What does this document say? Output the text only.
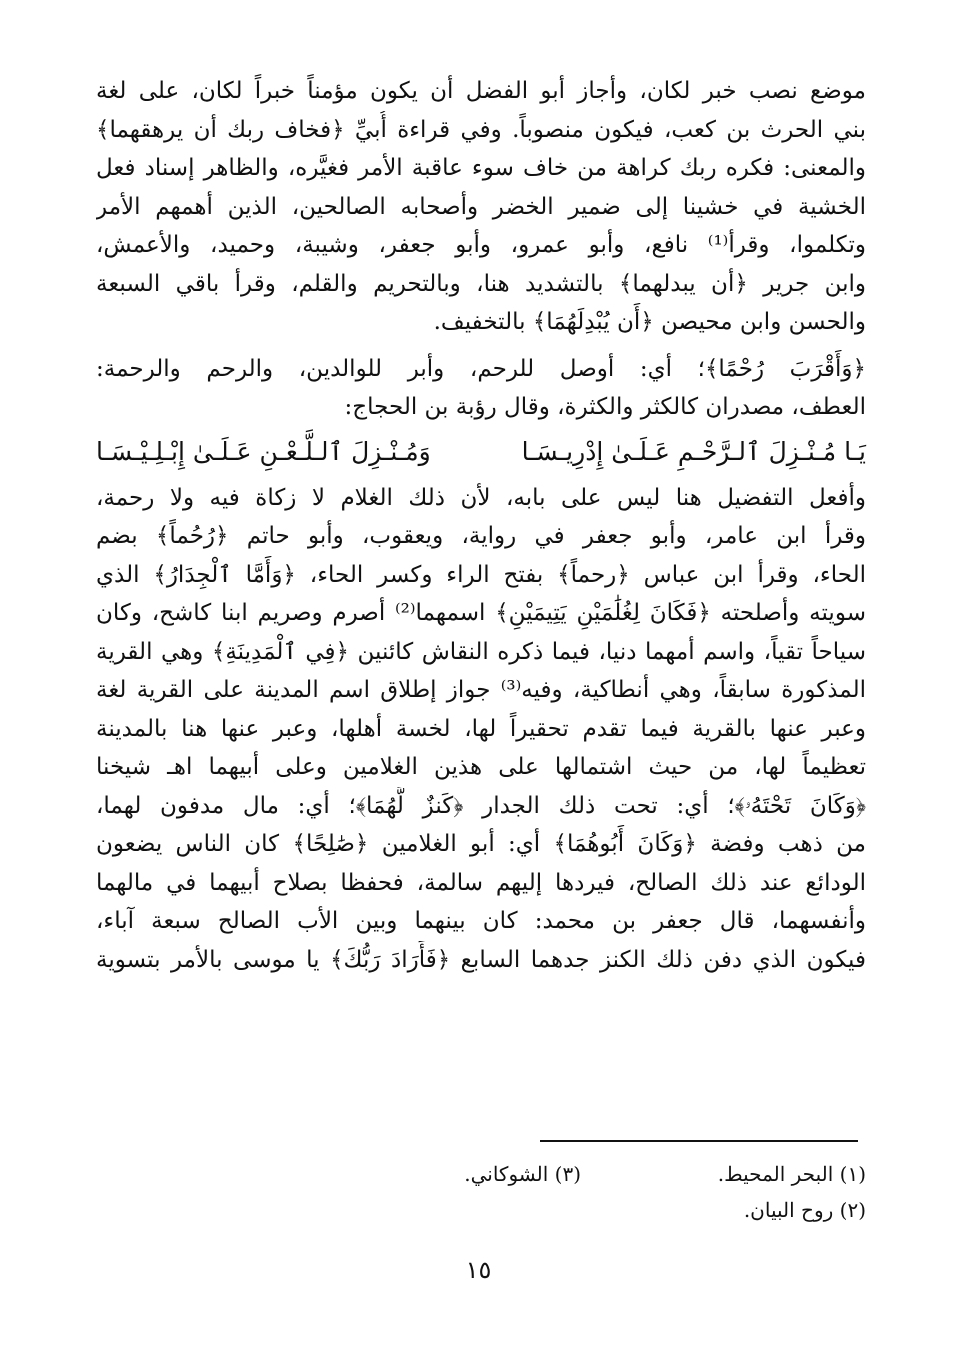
موضع نصب خبر لكان، وأجاز أبو الفضل أن يكون مؤمناً خبراً لكان، على لغة
بني الحرث بن كعب، فيكون منصوباً. وفي قراءة أُبيِّ ﴿فخاف ربك أن يرهقهما﴾
والمعنى: فكره ربك كراهة من خاف سوء عاقبة الأمر فغيَّره، والظاهر إسناد فعل
الخشية في خشينا إلى ضمير الخضر وأصحابه الصالحين، الذين أهمهم الأمر
وتكلموا، وقرأ⁽¹⁾ نافع، وأبو عمرو، وأبو جعفر، وشيبة، وحميد، والأعمش،
وابن جرير ﴿أن يبدلهما﴾ بالتشديد هنا، وبالتحريم والقلم، وقرأ باقي السبعة
والحسن وابن محيصن ﴿أَن يُبْدِلَهُمَا﴾ بالتخفيف.

﴿وَأَقْرَبَ رُحْمًا﴾؛ أي: أوصل للرحم، وأبر للوالدين، والرحم والرحمة:
العطف، مصدران كالكثر والكثرة، وقال رؤبة بن الحجاج:

يَـا مُـنْـزِلَ ٱلـرَّحْـمِ عَـلَـىٰ إِدْرِيـسَـا
وَمُـنْـزِلَ ٱلـلَّـعْـنِ عَـلَـىٰ إِبْـلِـيْـسَـا

وأفعل التفضيل هنا ليس على بابه، لأن ذلك الغلام لا زكاة فيه ولا رحمة،
وقرأ ابن عامر، وأبو جعفر في رواية، ويعقوب، وأبو حاتم ﴿رُحُماً﴾ بضم
الحاء، وقرأ ابن عباس ﴿رحماً﴾ بفتح الراء وكسر الحاء، ﴿وَأَمَّا ٱلْجِدَارُ﴾ الذي
سويته وأصلحته ﴿فَكَانَ لِغُلَٰمَيْنِ يَتِيمَيْنِ﴾ اسمهما⁽²⁾ أصرم وصريم ابنا كاشح، وكان
سياحاً تقياً، واسم أمهما دنيا، فيما ذكره النقاش كائنين ﴿فِي ٱلْمَدِينَةِ﴾ وهي القرية
المذكورة سابقاً، وهي أنطاكية، وفيه⁽³⁾ جواز إطلاق اسم المدينة على القرية لغة
وعبر عنها بالقرية فيما تقدم تحقيراً لها، لخسة أهلها، وعبر عنها هنا بالمدينة
تعظيماً لها، من حيث اشتمالها على هذين الغلامين وعلى أبيهما اهـ شيخنا
﴿وَكَانَ تَحْتَهُۥ﴾؛ أي: تحت ذلك الجدار ﴿كَنزٌ لَّهُمَا﴾؛ أي: مال مدفون لهما،
من ذهب وفضة ﴿وَكَانَ أَبُوهُمَا﴾ أي: أبو الغلامين ﴿صَٰلِحًا﴾ كان الناس يضعون
الودائع عند ذلك الصالح، فيردها إليهم سالمة، فحفظا بصلاح أبيهما في مالهما
وأنفسهما، قال جعفر بن محمد: كان بينهما وبين الأب الصالح سبعة آباء،
فيكون الذي دفن ذلك الكنز جدهما السابع ﴿فَأَرَادَ رَبُّكَ﴾ يا موسى بالأمر بتسوية

(١) البحر المحيط.
(٣) الشوكاني.
(٢) روح البيان.
١٥
